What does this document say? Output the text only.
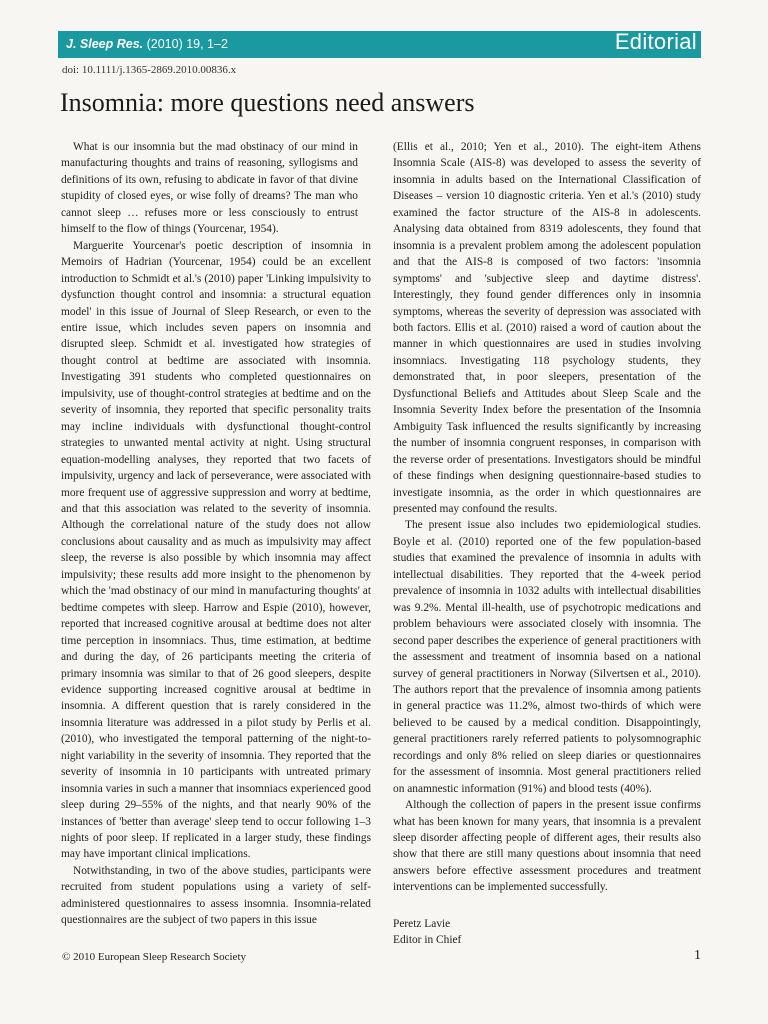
J. Sleep Res. (2010) 19, 1–2	Editorial
doi: 10.1111/j.1365-2869.2010.00836.x
Insomnia: more questions need answers

What is our insomnia but the mad obstinacy of our mind in manufacturing thoughts and trains of reasoning, syllogisms and definitions of its own, refusing to abdicate in favor of that divine stupidity of closed eyes, or wise folly of dreams? The man who cannot sleep … refuses more or less consciously to entrust himself to the flow of things (Yourcenar, 1954).

Marguerite Yourcenar's poetic description of insomnia in Memoirs of Hadrian (Yourcenar, 1954) could be an excellent introduction to Schmidt et al.'s (2010) paper 'Linking impulsivity to dysfunction thought control and insomnia: a structural equation model' in this issue of Journal of Sleep Research, or even to the entire issue, which includes seven papers on insomnia and disrupted sleep. Schmidt et al. investigated how strategies of thought control at bedtime are associated with insomnia. Investigating 391 students who completed questionnaires on impulsivity, use of thought-control strategies at bedtime and on the severity of insomnia, they reported that specific personality traits may incline individuals with dysfunctional thought-control strategies to unwanted mental activity at night. Using structural equation-modelling analyses, they reported that two facets of impulsivity, urgency and lack of perseverance, were associated with more frequent use of aggressive suppression and worry at bedtime, and that this association was related to the severity of insomnia. Although the correlational nature of the study does not allow conclusions about causality and as much as impulsivity may affect sleep, the reverse is also possible by which insomnia may affect impulsivity; these results add more insight to the phenomenon by which the 'mad obstinacy of our mind in manufacturing thoughts' at bedtime competes with sleep. Harrow and Espie (2010), however, reported that increased cognitive arousal at bedtime does not alter time perception in insomniacs. Thus, time estimation, at bedtime and during the day, of 26 participants meeting the criteria of primary insomnia was similar to that of 26 good sleepers, despite evidence supporting increased cognitive arousal at bedtime in insomnia. A different question that is rarely considered in the insomnia literature was addressed in a pilot study by Perlis et al. (2010), who investigated the temporal patterning of the night-to-night variability in the severity of insomnia. They reported that the severity of insomnia in 10 participants with untreated primary insomnia varies in such a manner that insomniacs experienced good sleep during 29–55% of the nights, and that nearly 90% of the instances of 'better than average' sleep tend to occur following 1–3 nights of poor sleep. If replicated in a larger study, these findings may have important clinical implications.

Notwithstanding, in two of the above studies, participants were recruited from student populations using a variety of self-administered questionnaires to assess insomnia. Insomnia-related questionnaires are the subject of two papers in this issue

(Ellis et al., 2010; Yen et al., 2010). The eight-item Athens Insomnia Scale (AIS-8) was developed to assess the severity of insomnia in adults based on the International Classification of Diseases – version 10 diagnostic criteria. Yen et al.'s (2010) study examined the factor structure of the AIS-8 in adolescents. Analysing data obtained from 8319 adolescents, they found that insomnia is a prevalent problem among the adolescent population and that the AIS-8 is composed of two factors: 'insomnia symptoms' and 'subjective sleep and daytime distress'. Interestingly, they found gender differences only in insomnia symptoms, whereas the severity of depression was associated with both factors. Ellis et al. (2010) raised a word of caution about the manner in which questionnaires are used in studies involving insomniacs. Investigating 118 psychology students, they demonstrated that, in poor sleepers, presentation of the Dysfunctional Beliefs and Attitudes about Sleep Scale and the Insomnia Severity Index before the presentation of the Insomnia Ambiguity Task influenced the results significantly by increasing the number of insomnia congruent responses, in comparison with the reverse order of presentations. Investigators should be mindful of these findings when designing questionnaire-based studies to investigate insomnia, as the order in which questionnaires are presented may confound the results.

The present issue also includes two epidemiological studies. Boyle et al. (2010) reported one of the few population-based studies that examined the prevalence of insomnia in adults with intellectual disabilities. They reported that the 4-week period prevalence of insomnia in 1032 adults with intellectual disabilities was 9.2%. Mental ill-health, use of psychotropic medications and problem behaviours were associated closely with insomnia. The second paper describes the experience of general practitioners with the assessment and treatment of insomnia based on a national survey of general practitioners in Norway (Silvertsen et al., 2010). The authors report that the prevalence of insomnia among patients in general practice was 11.2%, almost two-thirds of which were believed to be caused by a medical condition. Disappointingly, general practitioners rarely referred patients to polysomnographic recordings and only 8% relied on sleep diaries or questionnaires for the assessment of insomnia. Most general practitioners relied on anamnestic information (91%) and blood tests (40%).

Although the collection of papers in the present issue confirms what has been known for many years, that insomnia is a prevalent sleep disorder affecting people of different ages, their results also show that there are still many questions about insomnia that need answers before effective assessment procedures and treatment interventions can be implemented successfully.

Peretz Lavie
Editor in Chief
© 2010 European Sleep Research Society	1
